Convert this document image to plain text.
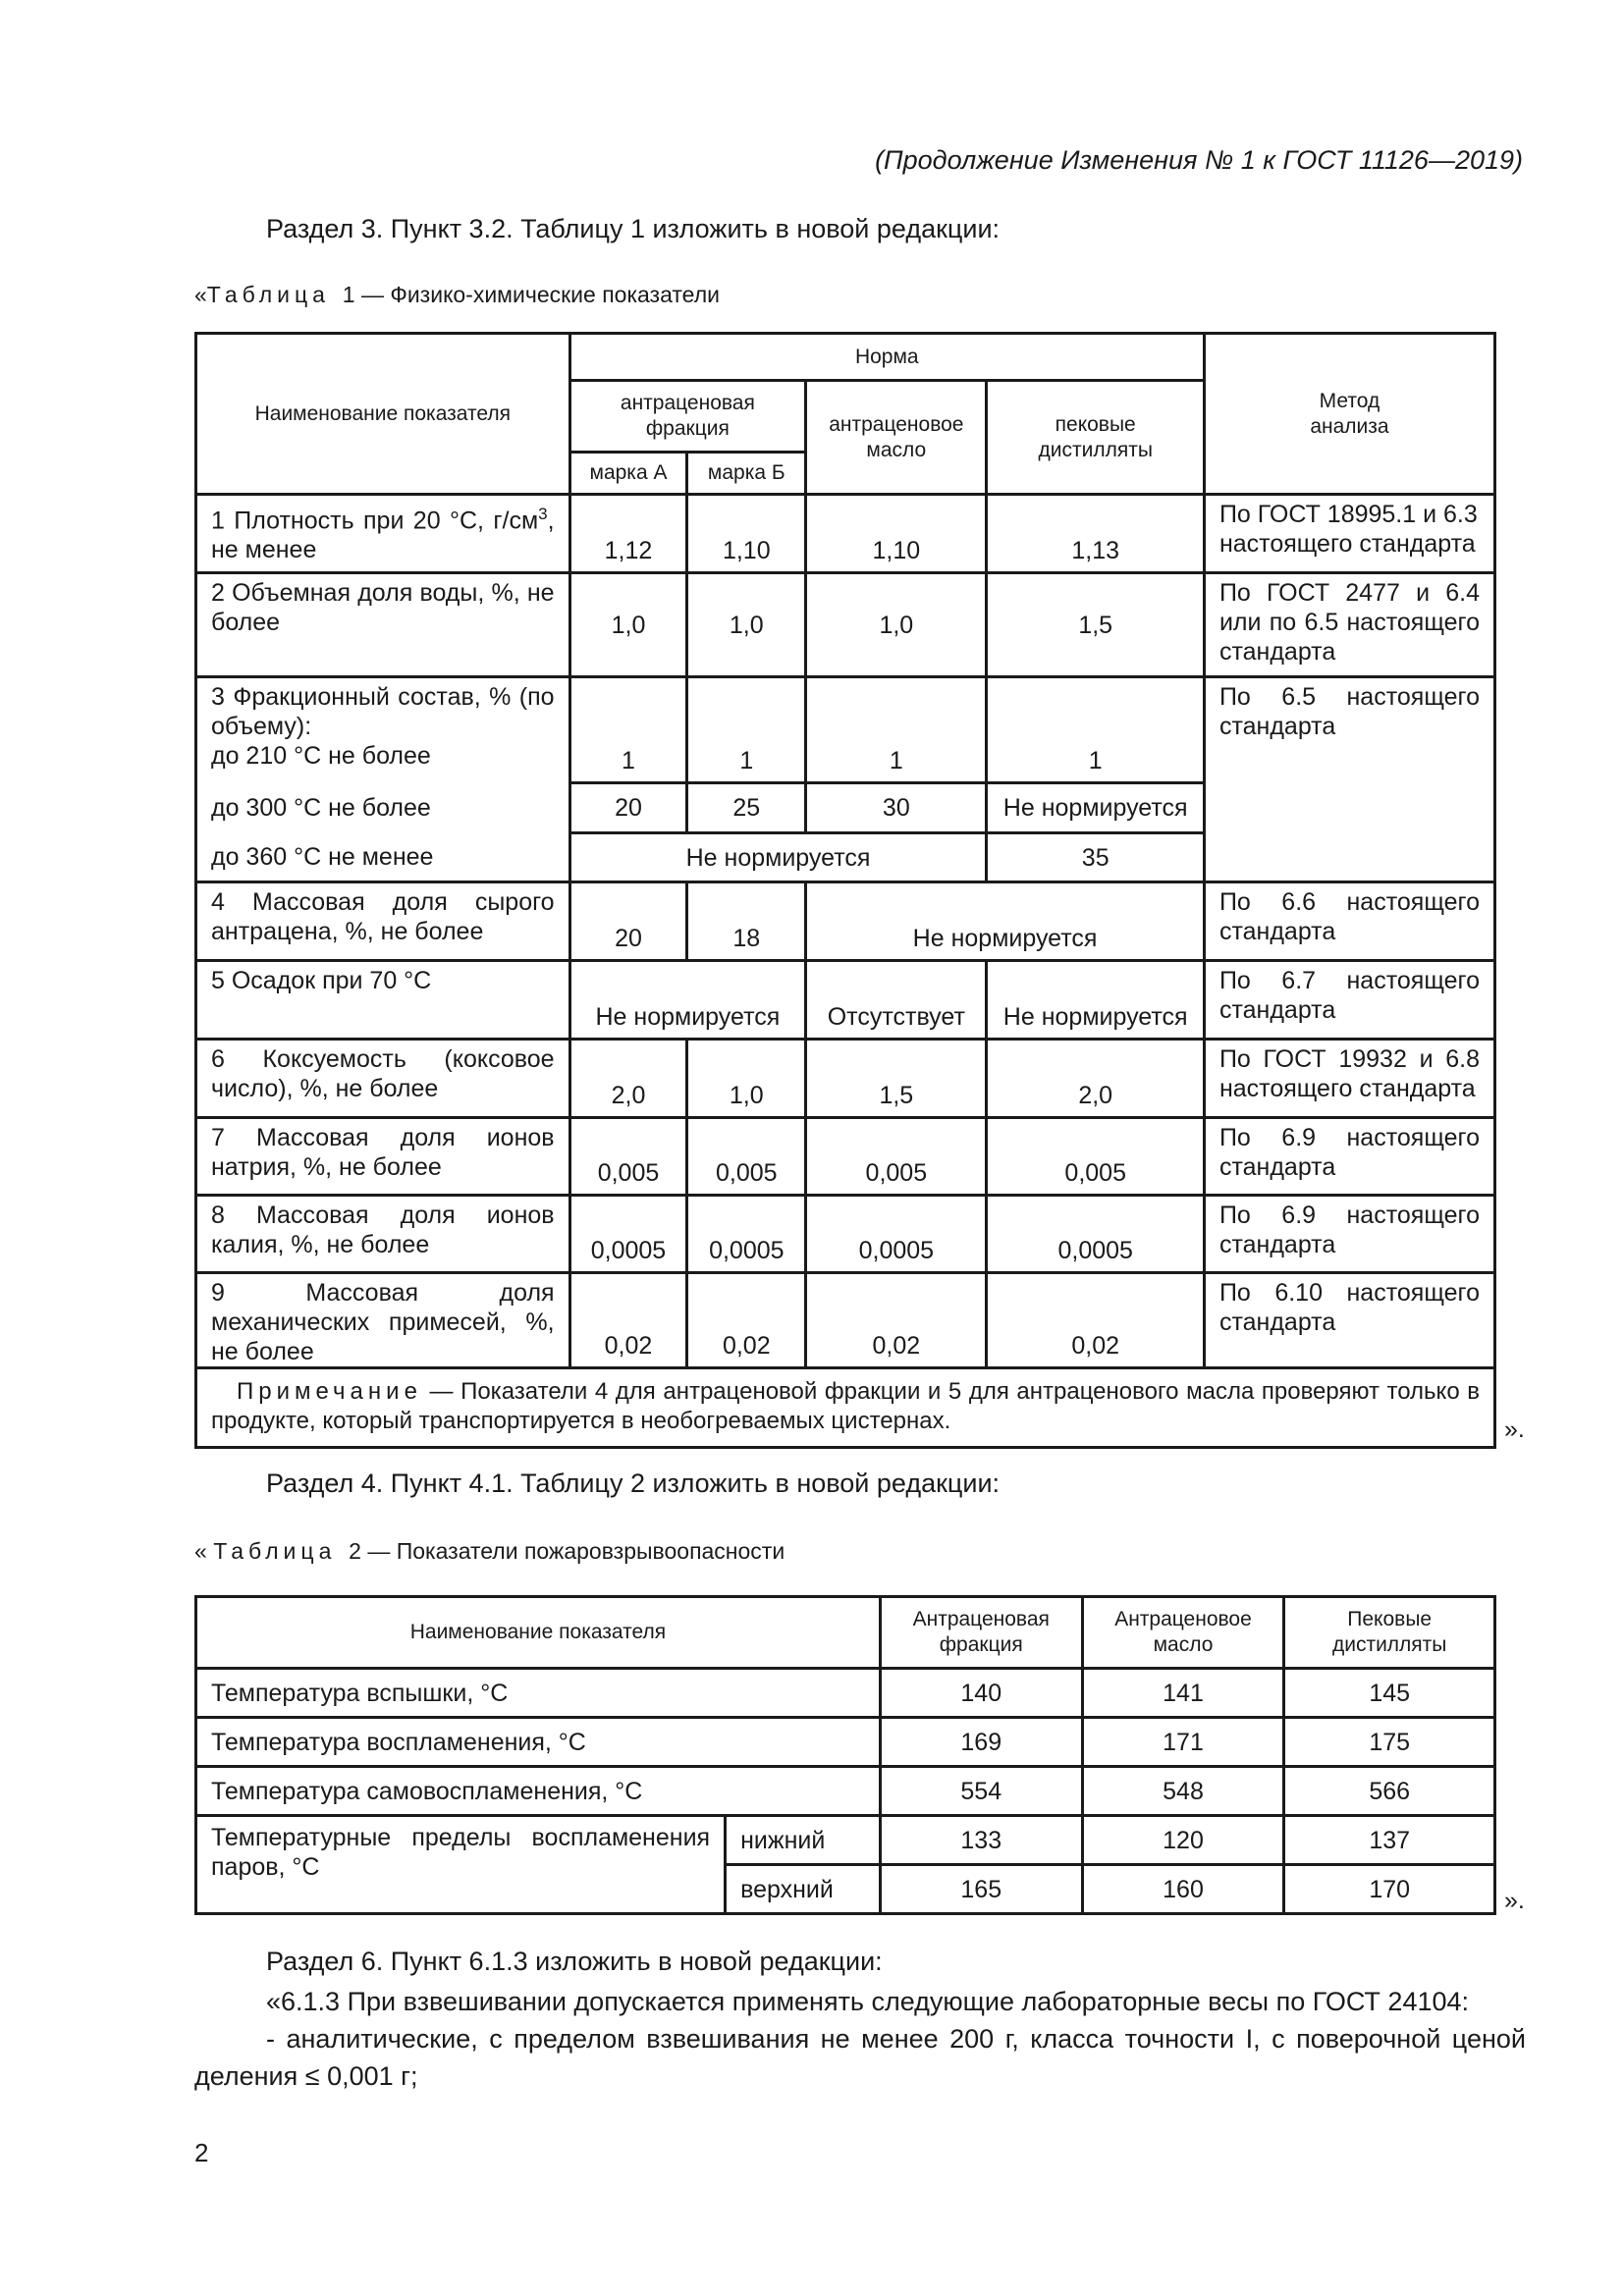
(Продолжение Изменения № 1 к ГОСТ 11126—2019)
Раздел 3. Пункт 3.2. Таблицу 1 изложить в новой редакции:
«Таблица 1 — Физико-химические показатели
Наименование показателя	Норма				Метод анализа

	антраценовая фракция		антраценовое масло	пековые дистилляты	

	марка А	марка Б			
1 Плотность при 20 °С, $г/см^3$, не менее	1,12	1,10	1,10	1,13	По ГОСТ 18995.1 и 6.3 настоящего стандарта
2 Объемная доля воды, %, не более	1,0	1,0	1,0	1,5	По ГОСТ 2477 и 6.4 или по 6.5 настоящего стандарта

3 Фракционный состав, % (по объему):
до 210 °С не более	1	1	1	1	По 6.5 настоящего стандарта
до 300 °С не более	20	25	30	Не нормируется	
до 360 °С не менее	Не нормируется			35	
4 Массовая доля сырого антрацена, %, не более	20	18	Не нормируется		По 6.6 настоящего стандарта
5 Осадок при 70 °С	Не нормируется		Отсутствует	Не нормируется	По 6.7 настоящего стандарта
6 Коксуемость (коксовое число), %, не более	2,0	1,0	1,5	2,0	По ГОСТ 19932 и 6.8 настоящего стандарта
7 Массовая доля ионов натрия, %, не более	0,005	0,005	0,005	0,005	По 6.9 настоящего стандарта
8 Массовая доля ионов калия, %, не более	0,0005	0,0005	0,0005	0,0005	По 6.9 настоящего стандарта
9 Массовая доля механических примесей, %, не более	0,02	0,02	0,02	0,02	По 6.10 настоящего стандарта
Примечание — Показатели 4 для антраценовой фракции и 5 для антраценового масла проверяют только в продукте, который транспортируется в необогреваемых цистернах.						».
Раздел 4. Пункт 4.1. Таблицу 2 изложить в новой редакции:
« Таблица 2 — Показатели пожаровзрывоопасности
Наименование показателя		Антраценовая фракция	Антраценовое масло	Пековые дистилляты

Температура вспышки, °С		140	141	145
Температура воспламенения, °С		169	171	175
Температура самовоспламенения, °С		554	548	566
Температурные пределы воспламенения паров, °С	нижний	133	120	137
	верхний	165	160	170	».
Раздел 6. Пункт 6.1.3 изложить в новой редакции:
«6.1.3 При взвешивании допускается применять следующие лабораторные весы по ГОСТ 24104:
- аналитические, с пределом взвешивания не менее 200 г, класса точности I, с поверочной ценой деления ≤ 0,001 г;
2
